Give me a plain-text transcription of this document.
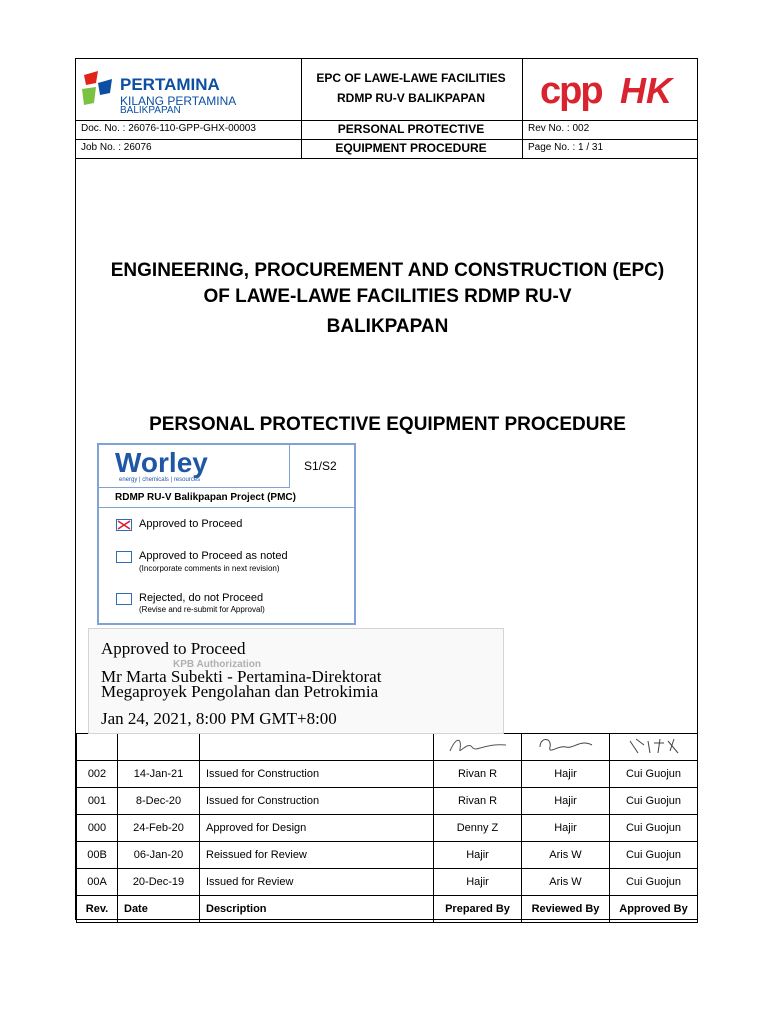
PERTAMINA
KILANG PERTAMINA
BALIKPAPAN
EPC OF LAWE-LAWE FACILITIES
RDMP RU-V BALIKPAPAN	cpp HK
Doc. No. : 26076-110-GPP-GHX-00003
Job No. : 26076
PERSONAL PROTECTIVE
EQUIPMENT PROCEDURE
Rev No. : 002
Page No. : 1 / 31
ENGINEERING, PROCUREMENT AND CONSTRUCTION (EPC)
OF LAWE-LAWE FACILITIES RDMP RU-V
BALIKPAPAN
PERSONAL PROTECTIVE EQUIPMENT PROCEDURE

002	14-Jan-21	Issued for Construction	Rivan R	Hajir	Cui Guojun
001	8-Dec-20	Issued for Construction	Rivan R	Hajir	Cui Guojun
000	24-Feb-20	Approved for Design	Denny Z	Hajir	Cui Guojun
00B	06-Jan-20	Reissued for Review	Hajir	Aris W	Cui Guojun
00A	20-Dec-19	Issued for Review	Hajir	Aris W	Cui Guojun
Rev.	Date	Description	Prepared By	Reviewed By	Approved By
Worley
energy | chemicals | resources
S1/S2
RDMP RU-V Balikpapan Project (PMC)
Approved to Proceed
Approved to Proceed as noted
(Incorporate comments in next revision)
Rejected, do not Proceed
(Revise and re-submit for Approval)
KPB Authorization
Approved to Proceed
Mr Marta Subekti - Pertamina-Direktorat
Megaproyek Pengolahan dan Petrokimia
Jan 24, 2021, 8:00 PM GMT+8:00
